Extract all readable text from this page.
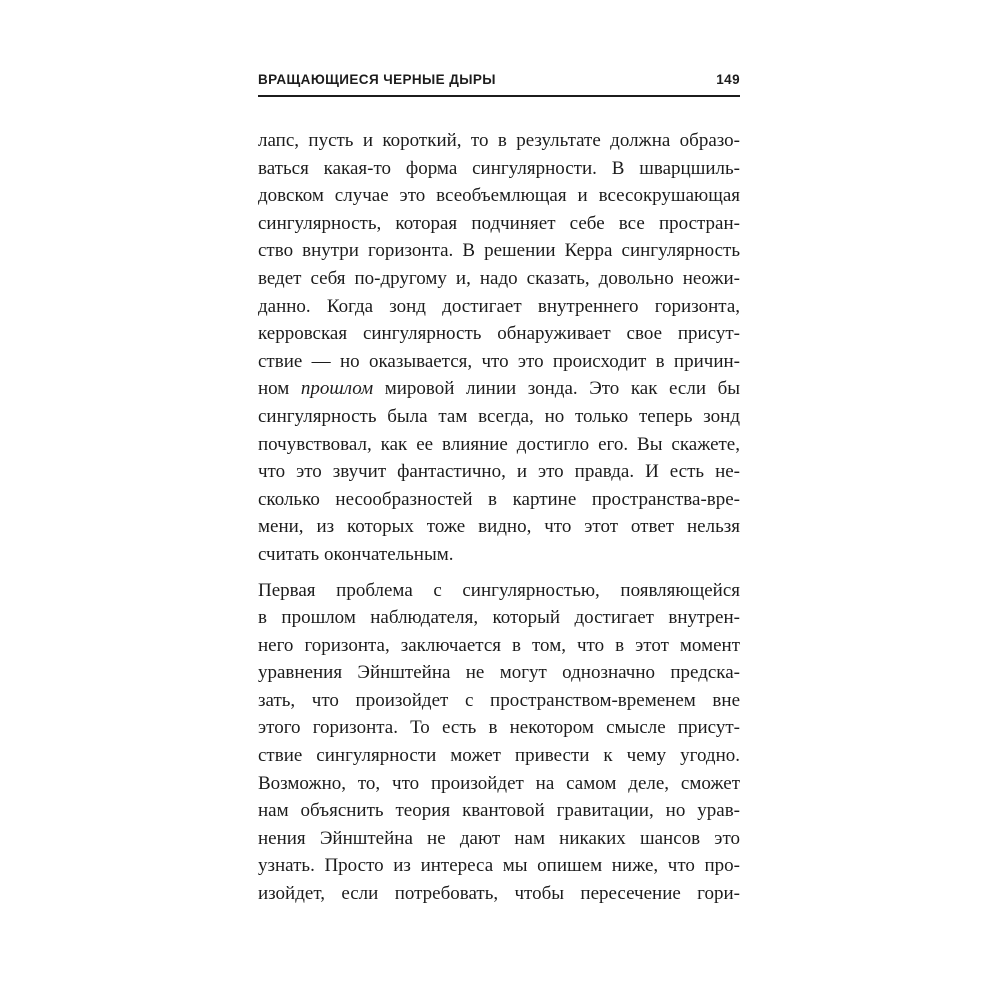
ВРАЩАЮЩИЕСЯ ЧЕРНЫЕ ДЫРЫ	149
лапс, пусть и короткий, то в результате должна образо-
ваться какая-то форма сингулярности. В шварцшиль-
довском случае это всеобъемлющая и всесокрушающая
сингулярность, которая подчиняет себе все простран-
ство внутри горизонта. В решении Керра сингулярность
ведет себя по-другому и, надо сказать, довольно неожи-
данно. Когда зонд достигает внутреннего горизонта,
керровская сингулярность обнаруживает свое присут-
ствие — но оказывается, что это происходит в причин-
ном прошлом мировой линии зонда. Это как если бы
сингулярность была там всегда, но только теперь зонд
почувствовал, как ее влияние достигло его. Вы скажете,
что это звучит фантастично, и это правда. И есть не-
сколько несообразностей в картине пространства-вре-
мени, из которых тоже видно, что этот ответ нельзя
считать окончательным.
Первая проблема с сингулярностью, появляющейся
в прошлом наблюдателя, который достигает внутрен-
него горизонта, заключается в том, что в этот момент
уравнения Эйнштейна не могут однозначно предска-
зать, что произойдет с пространством-временем вне
этого горизонта. То есть в некотором смысле присут-
ствие сингулярности может привести к чему угодно.
Возможно, то, что произойдет на самом деле, сможет
нам объяснить теория квантовой гравитации, но урав-
нения Эйнштейна не дают нам никаких шансов это
узнать. Просто из интереса мы опишем ниже, что про-
изойдет, если потребовать, чтобы пересечение гори-
